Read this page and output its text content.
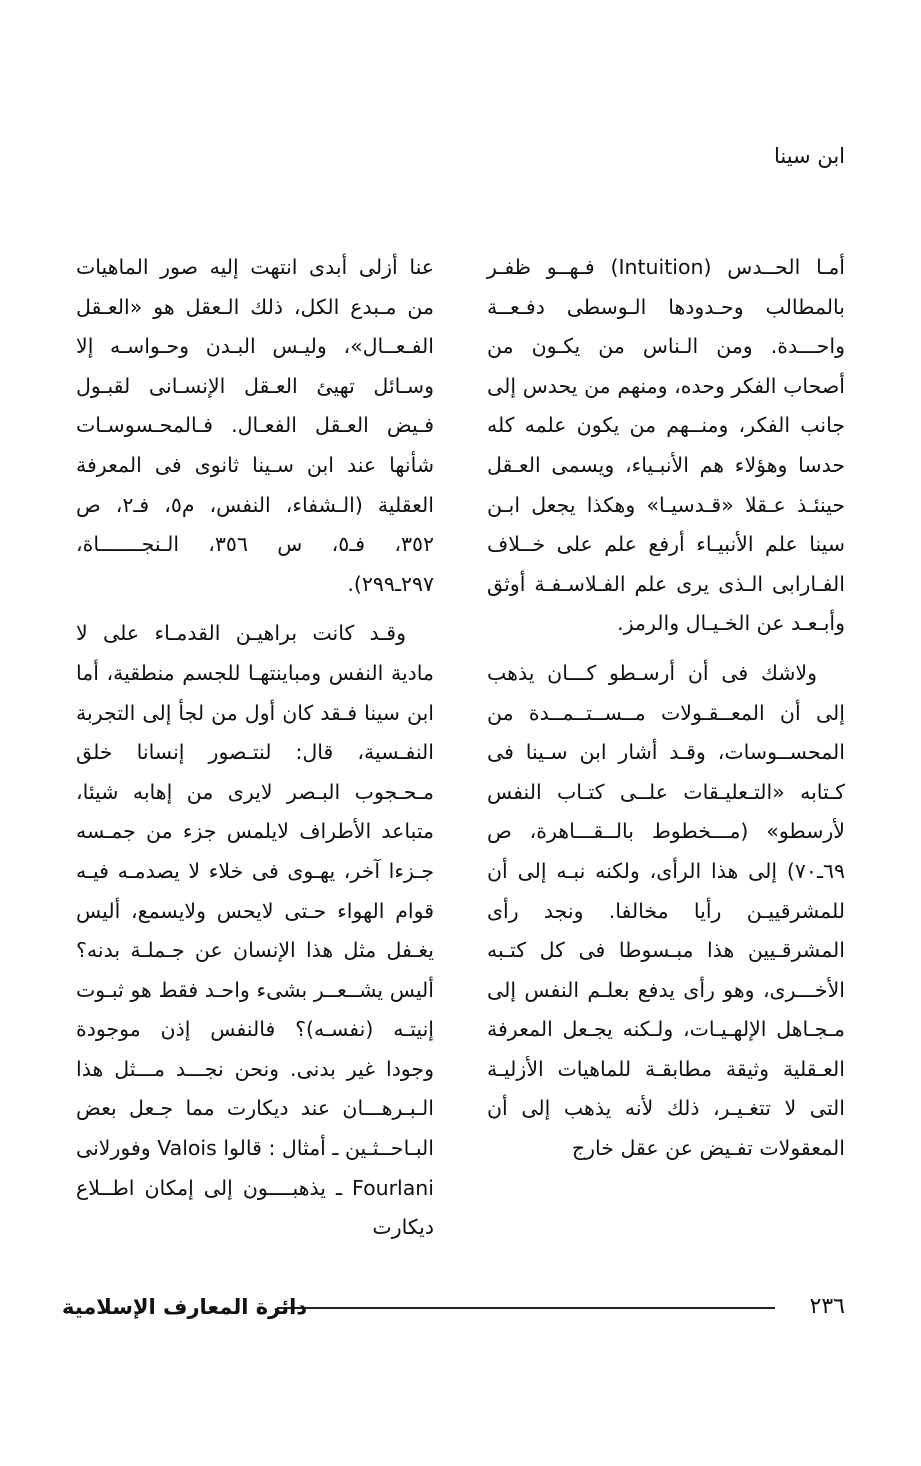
ابن سينا

أمـا الحــدس (Intuition) فـهــو ظفـر بالمطالب وحـدودها الـوسطى دفـعــة واحـــدة. ومن الـناس من يكـون من أصحاب الفكر وحده، ومنهم من يحدس إلى جانب الفكر، ومنــهم من يكون علمه كله حدسا وهؤلاء هم الأنبـياء، ويسمى العـقل حينئـذ عـقلا «قـدسيـا» وهكذا يجعل ابـن سينا علم الأنبيـاء أرفع علم على خــلاف الفـارابى الـذى يرى علم الفـلاسـفـة أوثق وأبـعـد عن الخـيـال والرمز.

ولاشك فى أن أرسـطو كـــان يذهب إلى أن المعــقـولات مــســتــمــدة من المحســوسات، وقـد أشار ابن سـينا فى كـتابه «التـعليـقات علــى كتـاب النفس لأرسطو» (مـــخطوط بالــقـــاهرة، ص ٦٩ـ٧٠) إلى هذا الرأى، ولكنه نبـه إلى أن للمشرقييـن رأيا مخالفا. ونجد رأى المشرقـيين هذا مبـسوطا فى كل كتـبه الأخـــرى، وهو رأى يدفع بعلـم النفس إلى مـجـاهل الإلهـيـات، ولـكنه يجـعل المعرفة العـقلية وثيقة مطابقـة للماهيات الأزليـة التى لا تتغـيـر، ذلك لأنه يذهب إلى أن المعقولات تفـيض عن عقل خارج

عنا أزلى أبدى انتهت إليه صور الماهيات من مـبدع الكل، ذلك الـعقل هو «العـقل الفـعــال»، وليـس البـدن وحـواسـه إلا وسـائل تهيئ العـقل الإنسـانى لقبـول فـيض العـقل الفعـال. فـالمحـسوسـات شأنها عند ابن سـينا ثانوى فى المعرفة العقلية (الـشفاء، النفس، م٥، فـ٢، ص ٣٥٢، فـ٥، س ٣٥٦، الـنجـــــــاة، ٢٩٧ـ٢٩٩).

وقـد كانت براهيـن القدمـاء على لا مادية النفس ومباينتهـا للجسم منطقية، أما ابن سينا فـقد كان أول من لجأ إلى التجربة النفـسية، قال: لنتـصور إنسانا خلق مـحـجوب البـصر لايرى من إهابه شيئا، متباعد الأطراف لايلمس جزء من جمـسه جـزءا آخر، يهـوى فى خلاء لا يصدمـه فيـه قوام الهواء حـتى لايحس ولايسمع، أليس يغـفل مثل هذا الإنسان عن جـملـة بدنه؟ أليس يشــعــر بشىء واحـد فقط هو ثبـوت إنيتـه (نفسـه)؟ فالنفس إذن موجودة وجودا غير بدنى. ونحن نجـــد مـــثل هذا الـبـرهـــان عند ديكارت مما جـعل بعض البـاحــثـين ـ أمثال : قالوا Valois وفورلانى Fourlani ـ يذهبــــون إلى إمكان اطــلاع ديكارت

٢٣٦
دائرة المعارف الإسلامية
